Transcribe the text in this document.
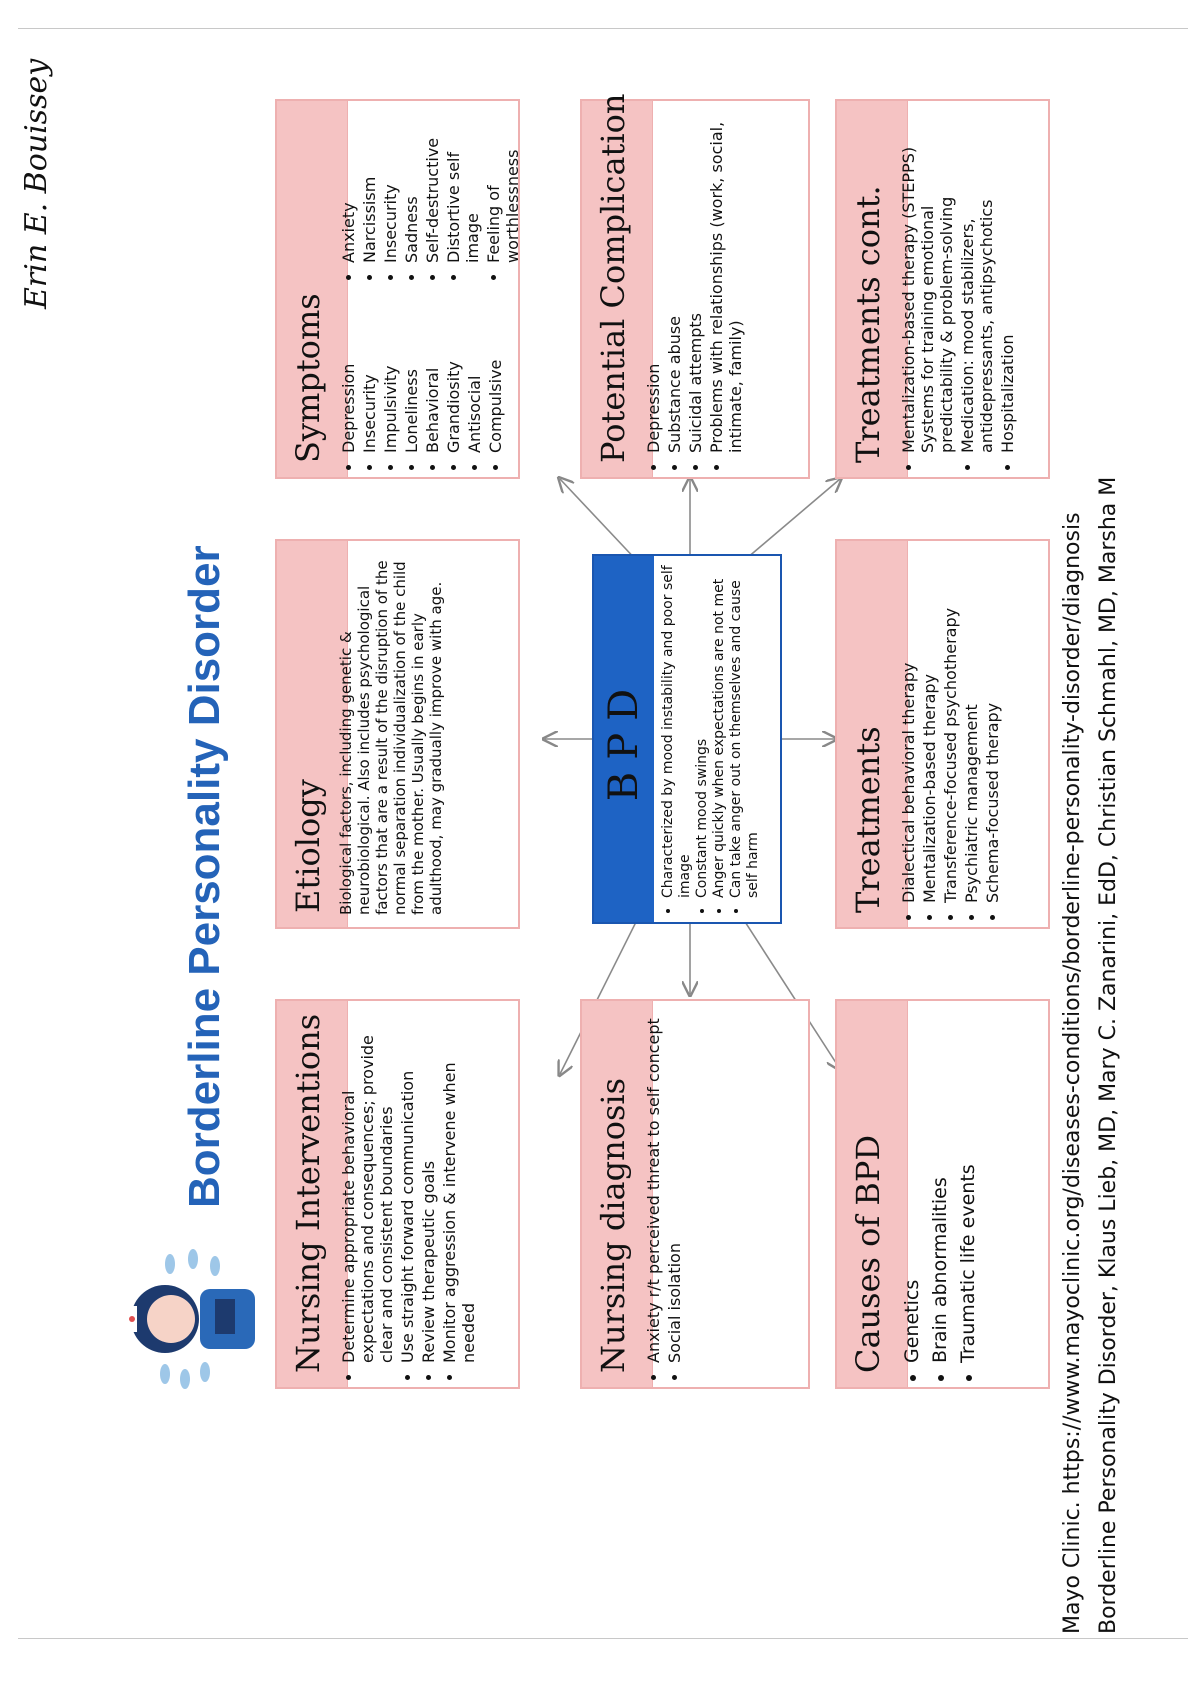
Borderline Personality Disorder
Erin E. Bouissey
Nursing Interventions • Determine appropriate behavioral expectations and consequences; provide clear and consistent boundaries • Use straight forward communication • Review therapeutic goals • Monitor aggression & intervene when needed
Etiology Biological factors, including genetic & neurobiological. Also includes psychological factors that are a result of the disruption of the normal separation individualization of the child from the mother. Usually begins in early adulthood, may gradually improve with age.

Symptoms • Depression • Insecurity • Impulsivity • Loneliness • Behavioral • Grandiosity • Antisocial • Compulsive
• Anxiety • Narcissism • Insecurity • Sadness • Self-destructive • Distortive self image • Feeling of worthlessness
Nursing diagnosis • Anxiety r/t perceived threat to self concept • Social isolation
BPD • Characterized by mood instability and poor self image • Constant mood swings • Anger quickly when expectations are not met • Can take anger out on themselves and cause self harm
Potential Complication • Depression • Substance abuse • Suicidal attempts • Problems with relationships (work, social, intimate, family)
Causes of BPD • Genetics • Brain abnormalities • Traumatic life events
Treatments • Dialectical behavioral therapy • Mentalization-based therapy • Transference-focused psychotherapy • Psychiatric management • Schema-focused therapy
Treatments cont. • Mentalization-based therapy (STEPPS) Systems for training emotional predictability & problem-solving • Medication: mood stabilizers, antidepressants, antipsychotics • Hospitalization
Mayo Clinic. https://www.mayoclinic.org/diseases-conditions/borderline-personality-disorder/diagnosis Borderline Personality Disorder, Klaus Lieb, MD, Mary C. Zanarini, EdD, Christian Schmahl, MD, Marsha M
